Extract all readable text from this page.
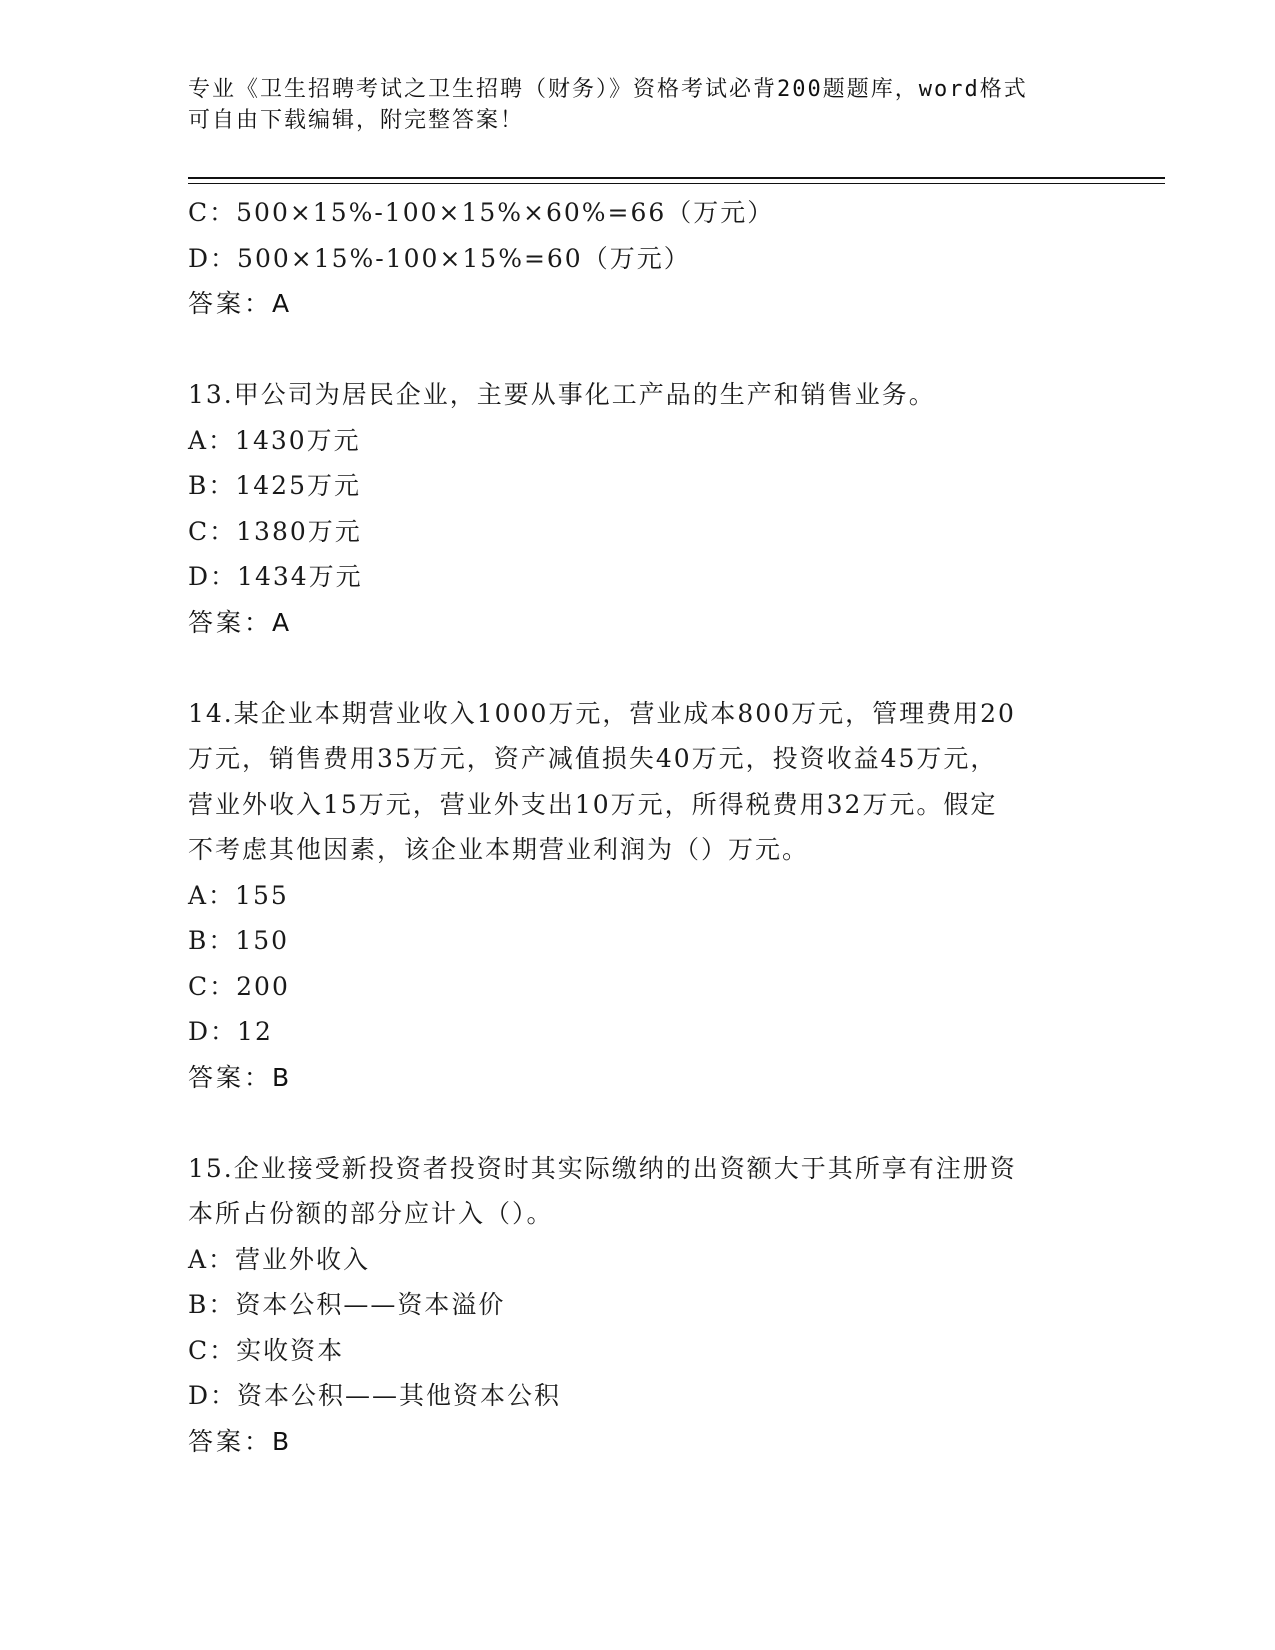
专业《卫生招聘考试之卫生招聘（财务）》资格考试必背200题题库，word格式
可自由下载编辑，附完整答案！
C：500×15%-100×15%×60%=66（万元）
D：500×15%-100×15%=60（万元）
答案：A
13.甲公司为居民企业，主要从事化工产品的生产和销售业务。
A：1430万元
B：1425万元
C：1380万元
D：1434万元
答案：A
14.某企业本期营业收入1000万元，营业成本800万元，管理费用20
万元，销售费用35万元，资产减值损失40万元，投资收益45万元，
营业外收入15万元，营业外支出10万元，所得税费用32万元。假定
不考虑其他因素，该企业本期营业利润为（）万元。
A：155
B：150
C：200
D：12
答案：B
15.企业接受新投资者投资时其实际缴纳的出资额大于其所享有注册资
本所占份额的部分应计入（）。
A：营业外收入
B：资本公积——资本溢价
C：实收资本
D：资本公积——其他资本公积
答案：B
